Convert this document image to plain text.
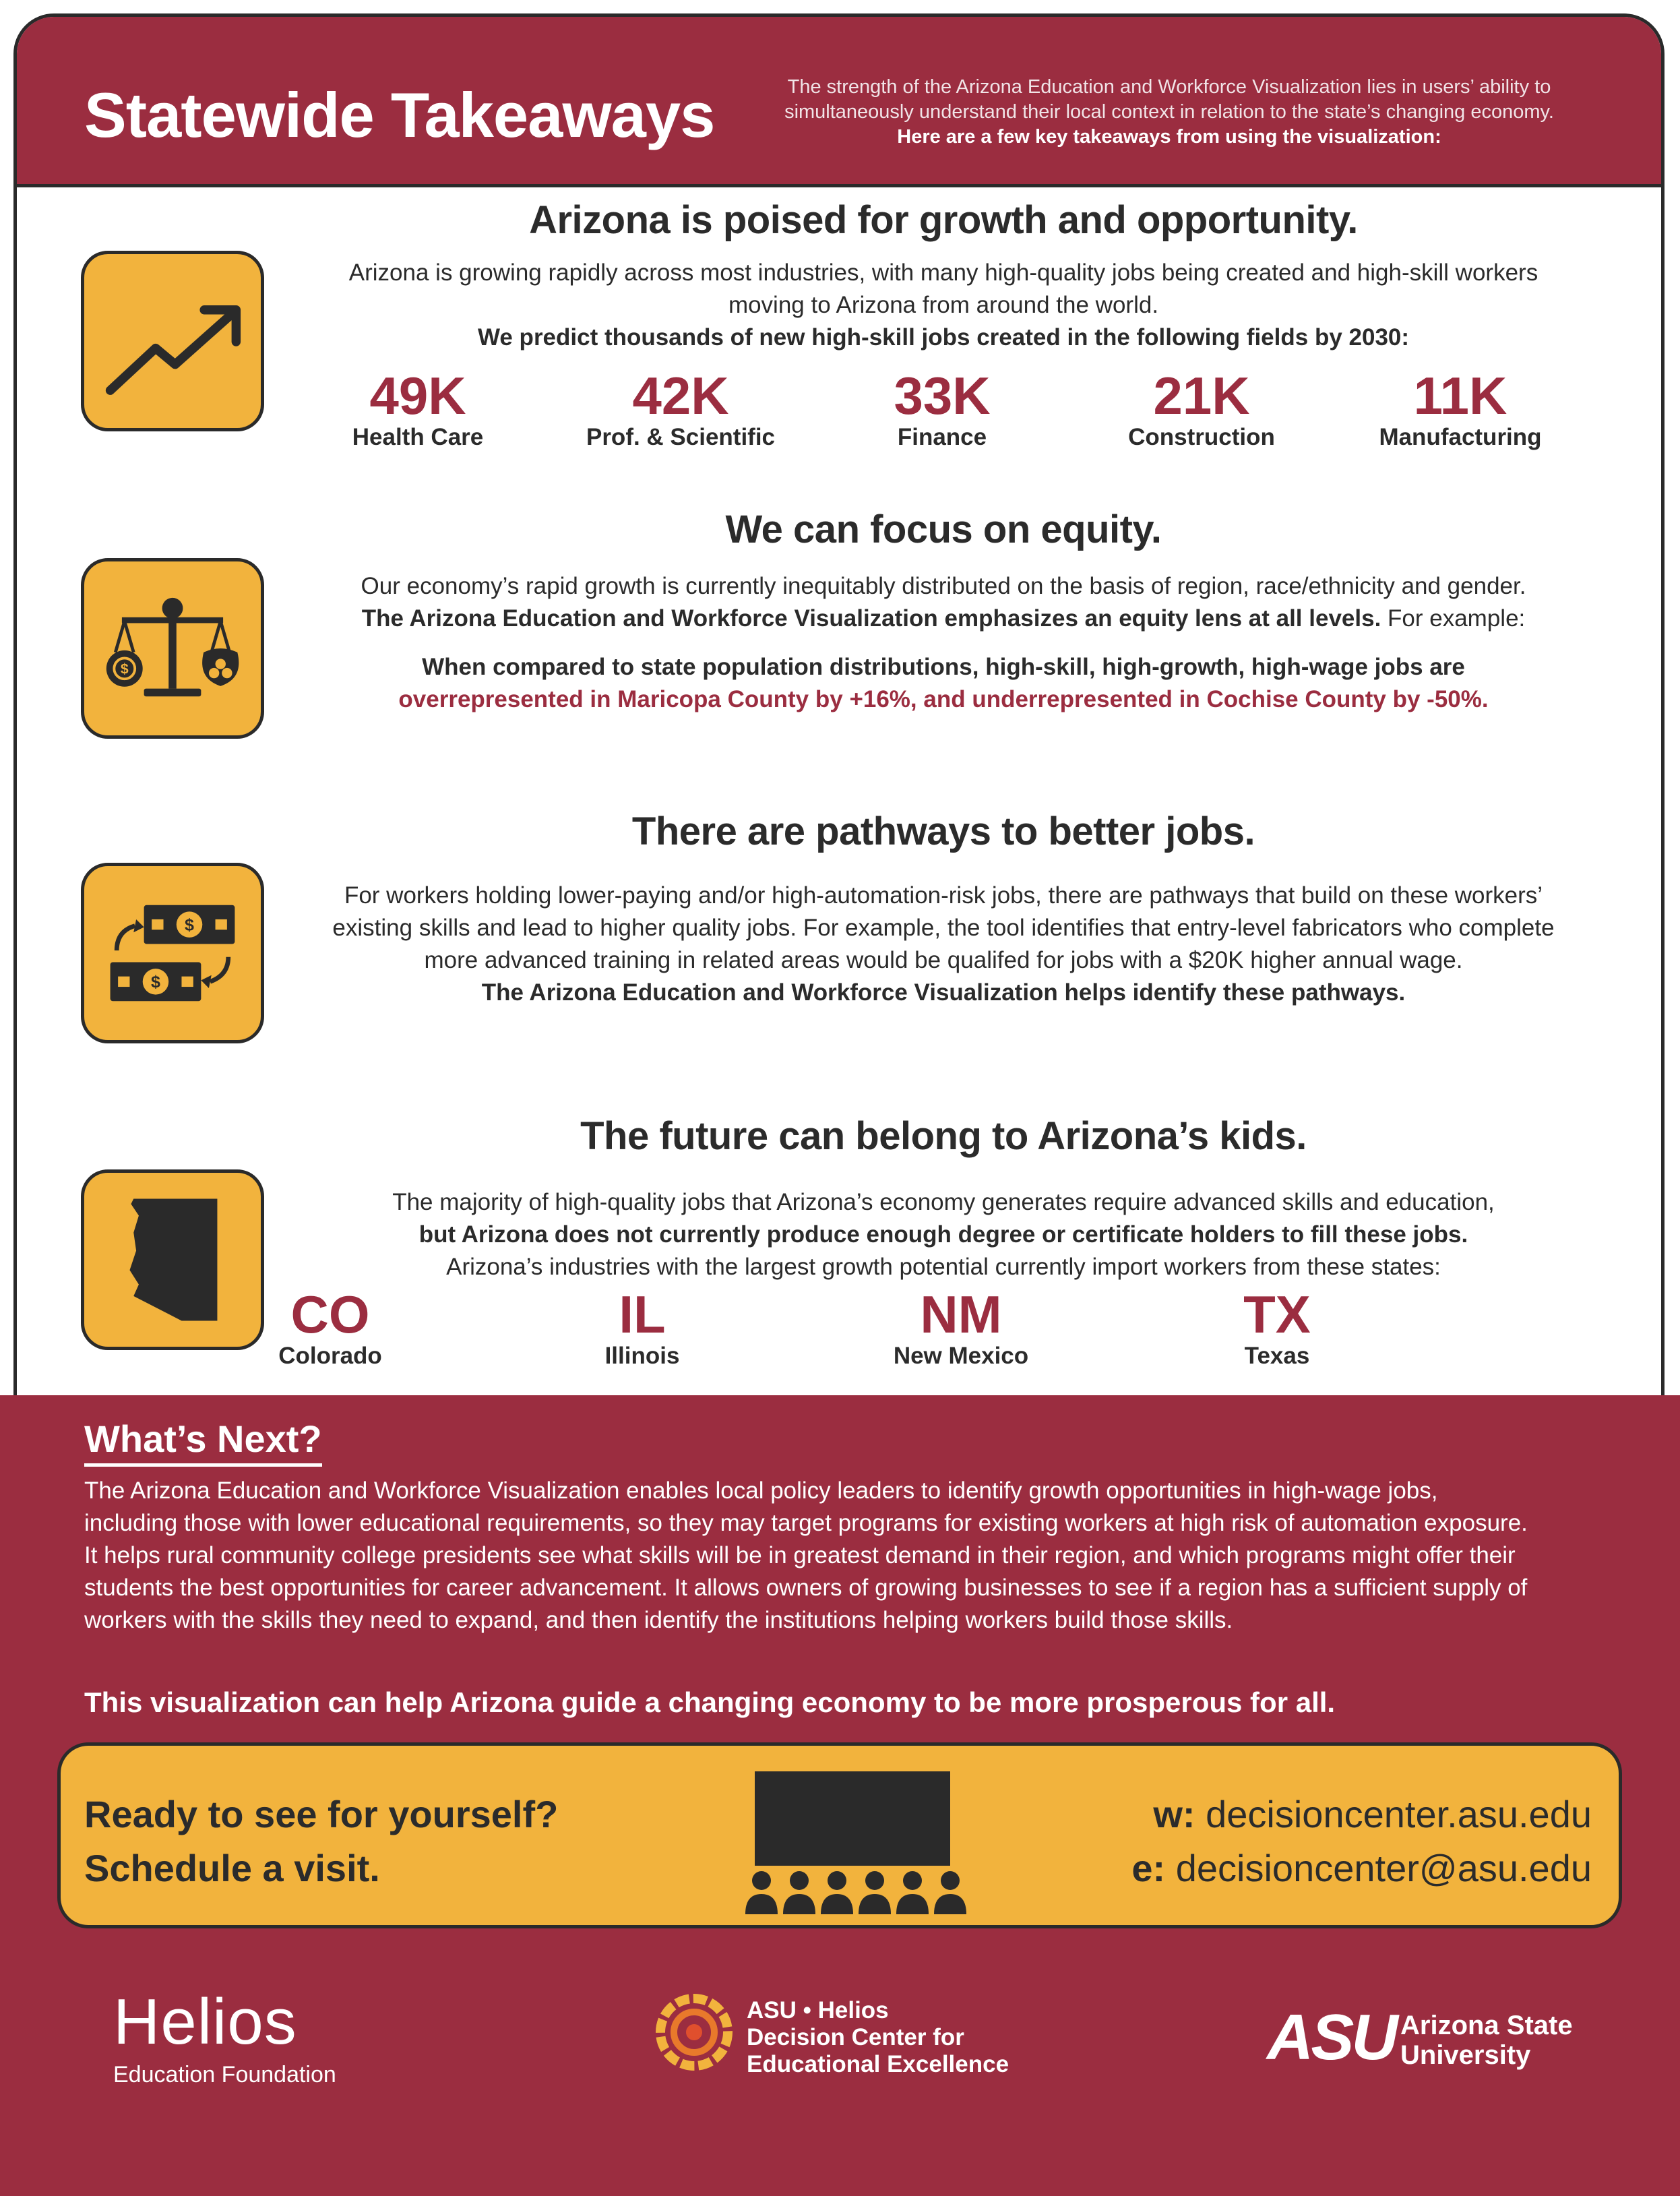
Statewide Takeaways	The strength of the Arizona Education and Workforce Visualization lies in users’ ability to
simultaneously understand their local context in relation to the state’s changing economy.
Here are a few key takeaways from using the visualization:
Arizona is poised for growth and opportunity.
Arizona is growing rapidly across most industries, with many high-quality jobs being created and high-skill workers
moving to Arizona from around the world.
We predict thousands of new high-skill jobs created in the following fields by 2030:
49K
Health Care
42K
Prof. & Scientific
33K
Finance
21K
Construction
11K
Manufacturing
$
We can focus on equity.
Our economy’s rapid growth is currently inequitably distributed on the basis of region, race/ethnicity and gender.
The Arizona Education and Workforce Visualization emphasizes an equity lens at all levels. For example:
When compared to state population distributions, high-skill, high-growth, high-wage jobs are
overrepresented in Maricopa County by +16%, and underrepresented in Cochise County by -50%.
$
$
There are pathways to better jobs.
For workers holding lower-paying and/or high-automation-risk jobs, there are pathways that build on these workers’
existing skills and lead to higher quality jobs. For example, the tool identifies that entry-level fabricators who complete
more advanced training in related areas would be qualifed for jobs with a $20K higher annual wage.
The Arizona Education and Workforce Visualization helps identify these pathways.
The future can belong to Arizona’s kids.
The majority of high-quality jobs that Arizona’s economy generates require advanced skills and education,
but Arizona does not currently produce enough degree or certificate holders to fill these jobs.
Arizona’s industries with the largest growth potential currently import workers from these states:
CO
Colorado
IL
Illinois
NM
New Mexico
TX
Texas
What’s Next?
The Arizona Education and Workforce Visualization enables local policy leaders to identify growth opportunities in high-wage jobs,
including those with lower educational requirements, so they may target programs for existing workers at high risk of automation exposure.
It helps rural community college presidents see what skills will be in greatest demand in their region, and which programs might offer their
students the best opportunities for career advancement. It allows owners of growing businesses to see if a region has a sufficient supply of
workers with the skills they need to expand, and then identify the institutions helping workers build those skills.
This visualization can help Arizona guide a changing economy to be more prosperous for all.
Ready to see for yourself?
Schedule a visit.
w: decisioncenter.asu.edu
e: decisioncenter@asu.edu
Helios
Education Foundation
ASU • Helios
Decision Center for
Educational Excellence	ASU Arizona State
University
